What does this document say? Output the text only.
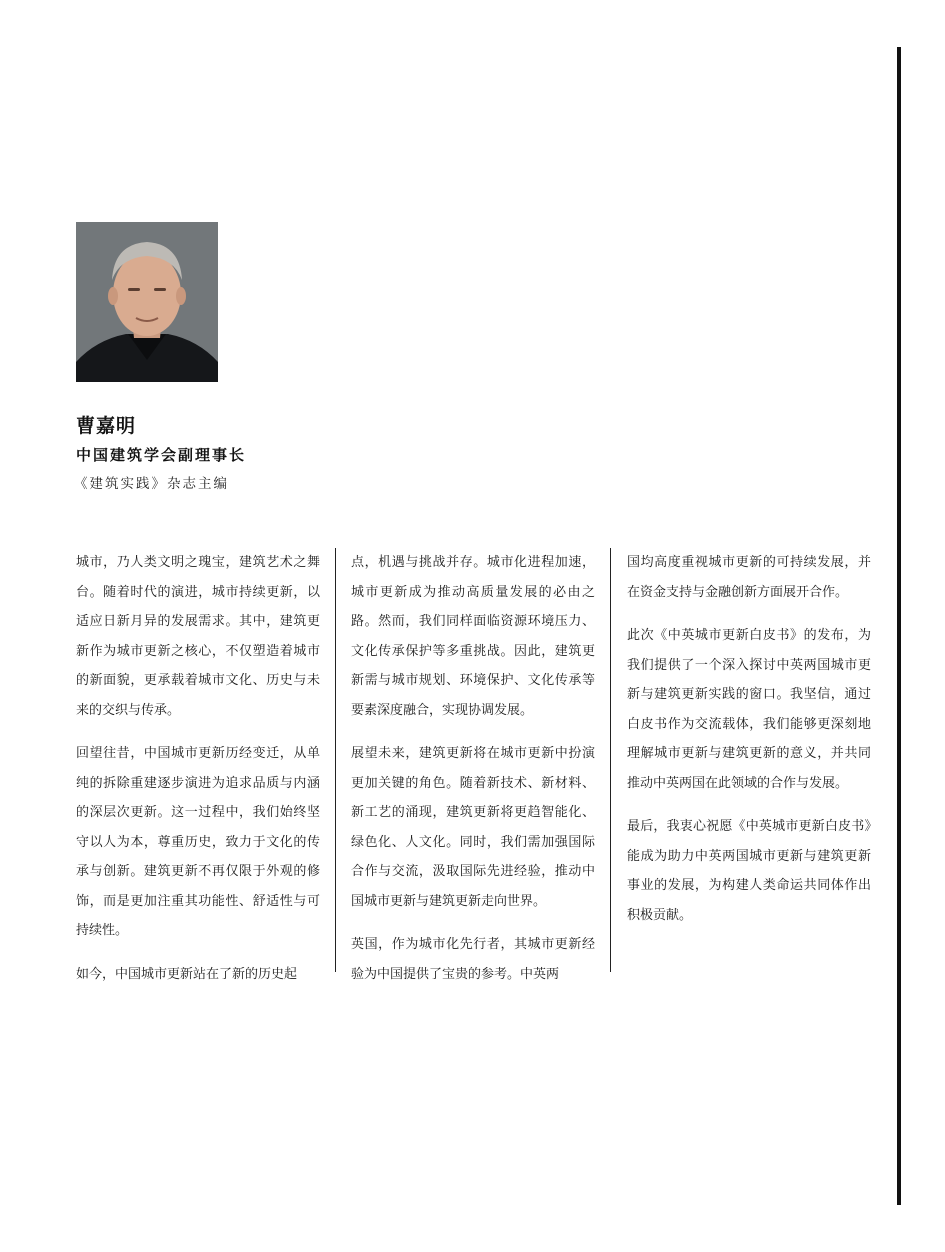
曹嘉明
中国建筑学会副理事长
《建筑实践》杂志主编

城市，乃人类文明之瑰宝，建筑艺术之舞台。随着时代的演进，城市持续更新，以适应日新月异的发展需求。其中，建筑更新作为城市更新之核心，不仅塑造着城市的新面貌，更承载着城市文化、历史与未来的交织与传承。

回望往昔，中国城市更新历经变迁，从单纯的拆除重建逐步演进为追求品质与内涵的深层次更新。这一过程中，我们始终坚守以人为本，尊重历史，致力于文化的传承与创新。建筑更新不再仅限于外观的修饰，而是更加注重其功能性、舒适性与可持续性。

如今，中国城市更新站在了新的历史起

点，机遇与挑战并存。城市化进程加速，城市更新成为推动高质量发展的必由之路。然而，我们同样面临资源环境压力、文化传承保护等多重挑战。因此，建筑更新需与城市规划、环境保护、文化传承等要素深度融合，实现协调发展。

展望未来，建筑更新将在城市更新中扮演更加关键的角色。随着新技术、新材料、新工艺的涌现，建筑更新将更趋智能化、绿色化、人文化。同时，我们需加强国际合作与交流，汲取国际先进经验，推动中国城市更新与建筑更新走向世界。

英国，作为城市化先行者，其城市更新经验为中国提供了宝贵的参考。中英两

国均高度重视城市更新的可持续发展，并在资金支持与金融创新方面展开合作。

此次《中英城市更新白皮书》的发布，为我们提供了一个深入探讨中英两国城市更新与建筑更新实践的窗口。我坚信，通过白皮书作为交流载体，我们能够更深刻地理解城市更新与建筑更新的意义，并共同推动中英两国在此领域的合作与发展。

最后，我衷心祝愿《中英城市更新白皮书》能成为助力中英两国城市更新与建筑更新事业的发展，为构建人类命运共同体作出积极贡献。
